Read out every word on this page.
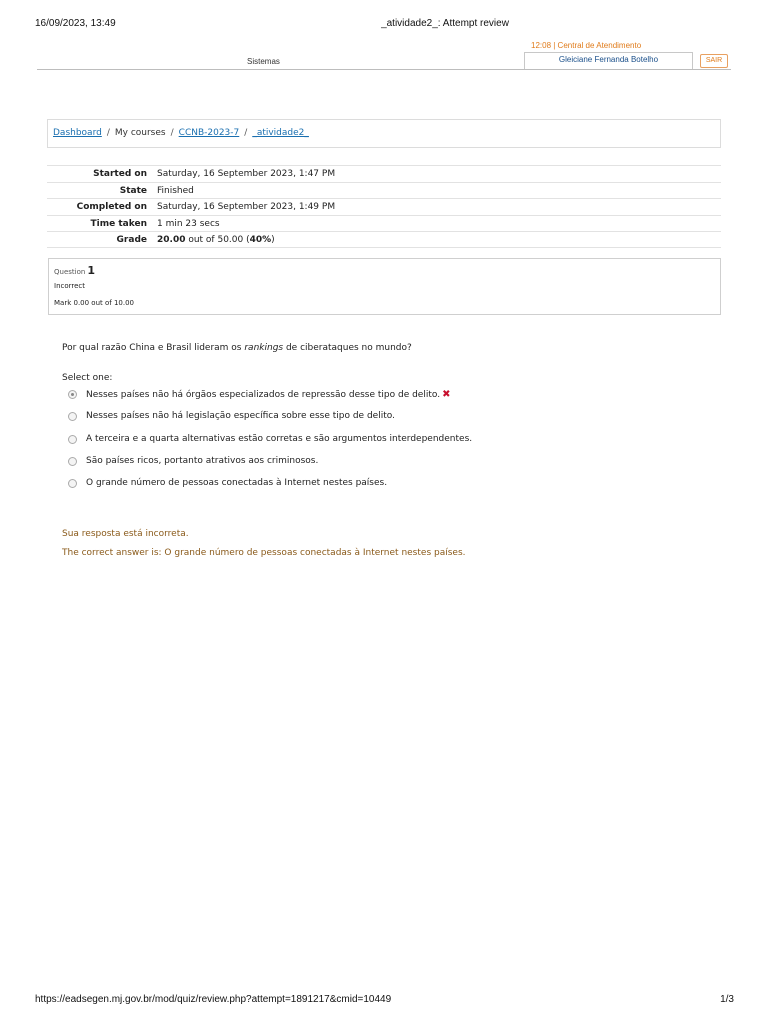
16/09/2023, 13:49	_atividade2_: Attempt review
Sistemas
12:08 | Central de Atendimento
Gleiciane Fernanda Botelho	SAIR
Dashboard / My courses / CCNB-2023-7 / _atividade2_
Started on Saturday, 16 September 2023, 1:47 PM
State Finished
Completed on Saturday, 16 September 2023, 1:49 PM
Time taken 1 min 23 secs
Grade 20.00 out of 50.00 (40%)
Question 1
Incorrect
Mark 0.00 out of 10.00
Por qual razão China e Brasil lideram os rankings de ciberataques no mundo?
Select one:
Nesses países não há órgãos especializados de repressão desse tipo de delito. ✖
Nesses países não há legislação específica sobre esse tipo de delito.
A terceira e a quarta alternativas estão corretas e são argumentos interdependentes.
São países ricos, portanto atrativos aos criminosos.
O grande número de pessoas conectadas à Internet nestes países.
Sua resposta está incorreta.
The correct answer is: O grande número de pessoas conectadas à Internet nestes países.
https://eadsegen.mj.gov.br/mod/quiz/review.php?attempt=1891217&cmid=10449	1/3
